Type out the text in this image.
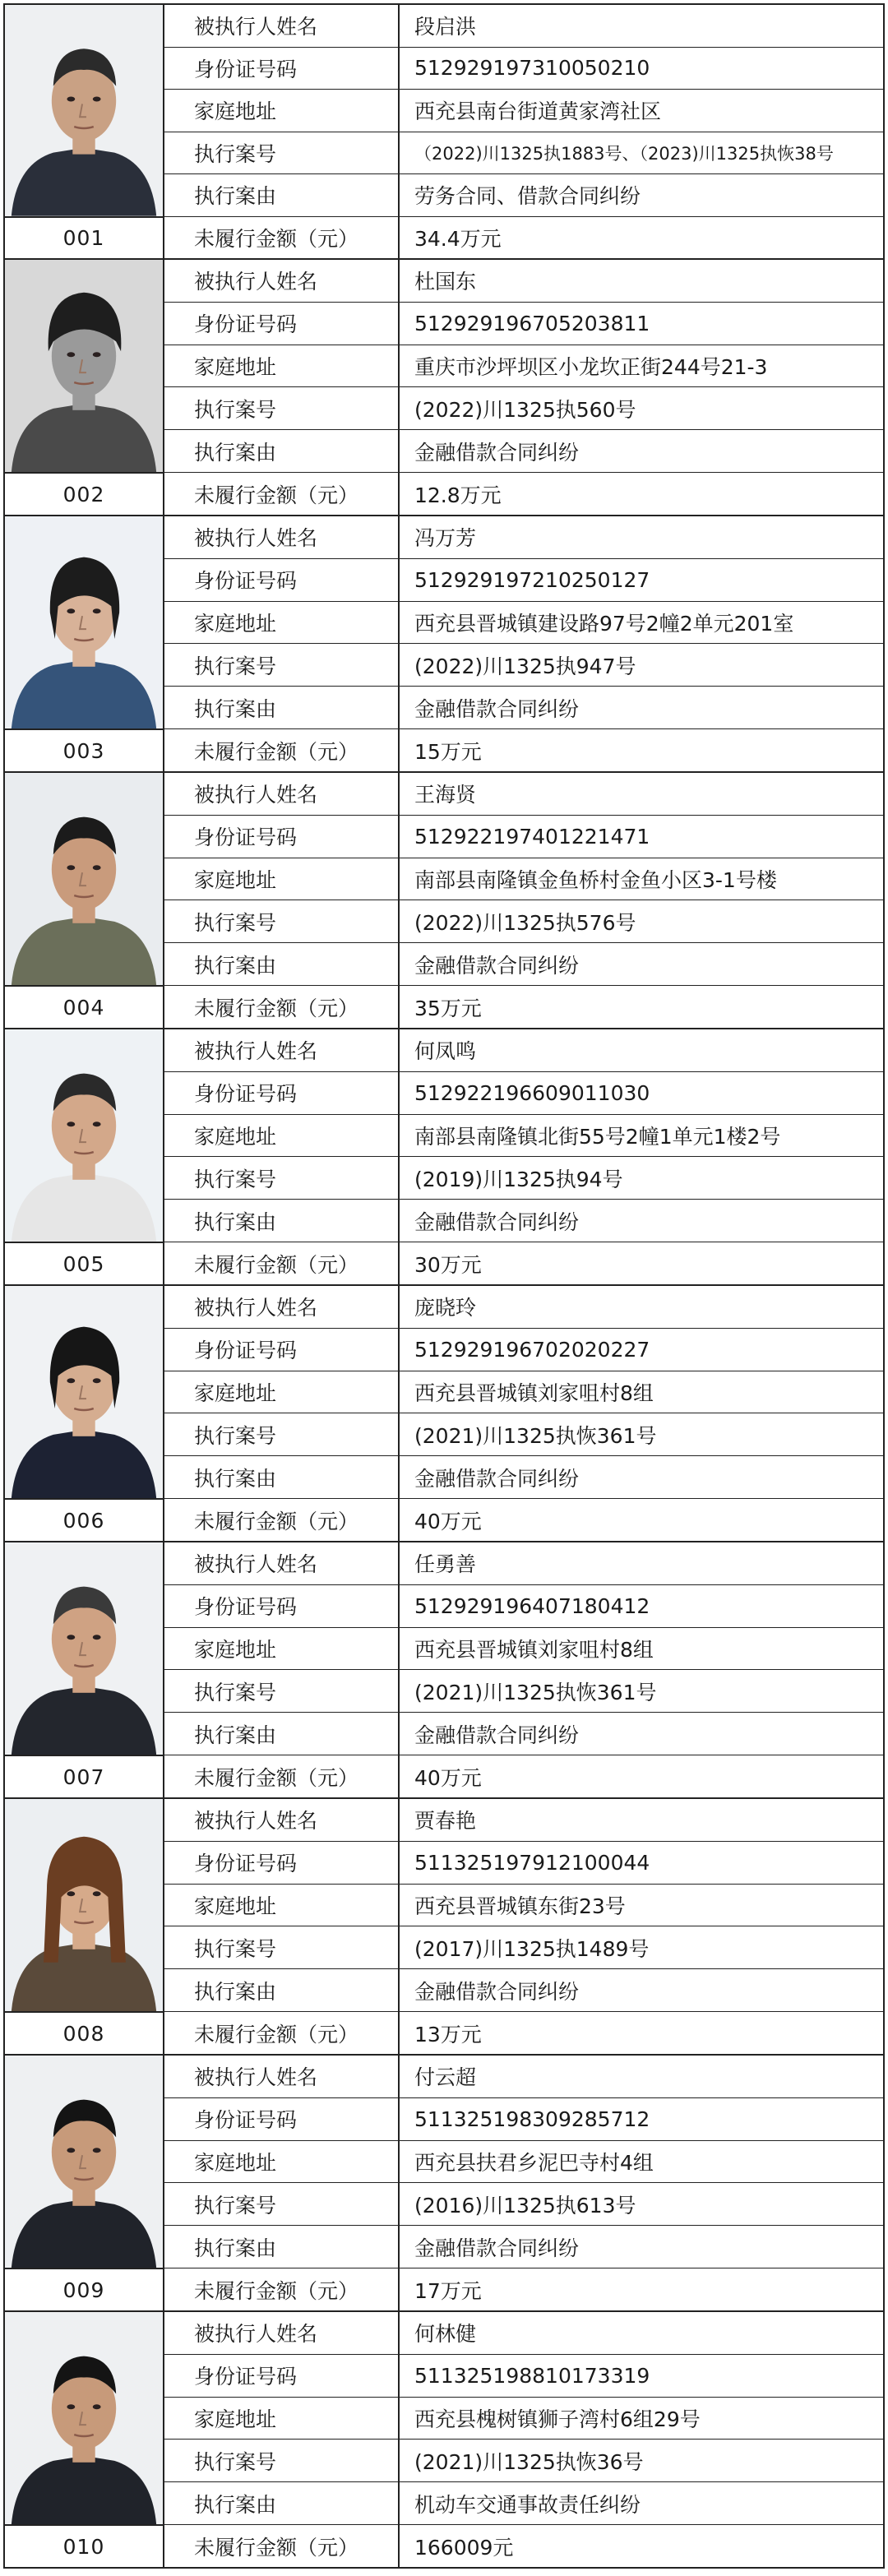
001
被执行人姓名	段启洪
身份证号码	512929197310050210
家庭地址	西充县南台街道黄家湾社区
执行案号	（2022)川1325执1883号、（2023)川1325执恢38号
执行案由	劳务合同、借款合同纠纷
未履行金额（元）	34.4万元
002
被执行人姓名	杜国东
身份证号码	512929196705203811
家庭地址	重庆市沙坪坝区小龙坎正街244号21-3
执行案号	(2022)川1325执560号
执行案由	金融借款合同纠纷
未履行金额（元）	12.8万元
003
被执行人姓名	冯万芳
身份证号码	512929197210250127
家庭地址	西充县晋城镇建设路97号2幢2单元201室
执行案号	(2022)川1325执947号
执行案由	金融借款合同纠纷
未履行金额（元）	15万元
004
被执行人姓名	王海贤
身份证号码	512922197401221471
家庭地址	南部县南隆镇金鱼桥村金鱼小区3-1号楼
执行案号	(2022)川1325执576号
执行案由	金融借款合同纠纷
未履行金额（元）	35万元
005
被执行人姓名	何凤鸣
身份证号码	512922196609011030
家庭地址	南部县南隆镇北街55号2幢1单元1楼2号
执行案号	(2019)川1325执94号
执行案由	金融借款合同纠纷
未履行金额（元）	30万元
006
被执行人姓名	庞晓玲
身份证号码	512929196702020227
家庭地址	西充县晋城镇刘家咀村8组
执行案号	(2021)川1325执恢361号
执行案由	金融借款合同纠纷
未履行金额（元）	40万元
007
被执行人姓名	任勇善
身份证号码	512929196407180412
家庭地址	西充县晋城镇刘家咀村8组
执行案号	(2021)川1325执恢361号
执行案由	金融借款合同纠纷
未履行金额（元）	40万元
008
被执行人姓名	贾春艳
身份证号码	511325197912100044
家庭地址	西充县晋城镇东街23号
执行案号	(2017)川1325执1489号
执行案由	金融借款合同纠纷
未履行金额（元）	13万元
009
被执行人姓名	付云超
身份证号码	511325198309285712
家庭地址	西充县扶君乡泥巴寺村4组
执行案号	(2016)川1325执613号
执行案由	金融借款合同纠纷
未履行金额（元）	17万元
010
被执行人姓名	何林健
身份证号码	511325198810173319
家庭地址	西充县槐树镇狮子湾村6组29号
执行案号	(2021)川1325执恢36号
执行案由	机动车交通事故责任纠纷
未履行金额（元）	166009元
